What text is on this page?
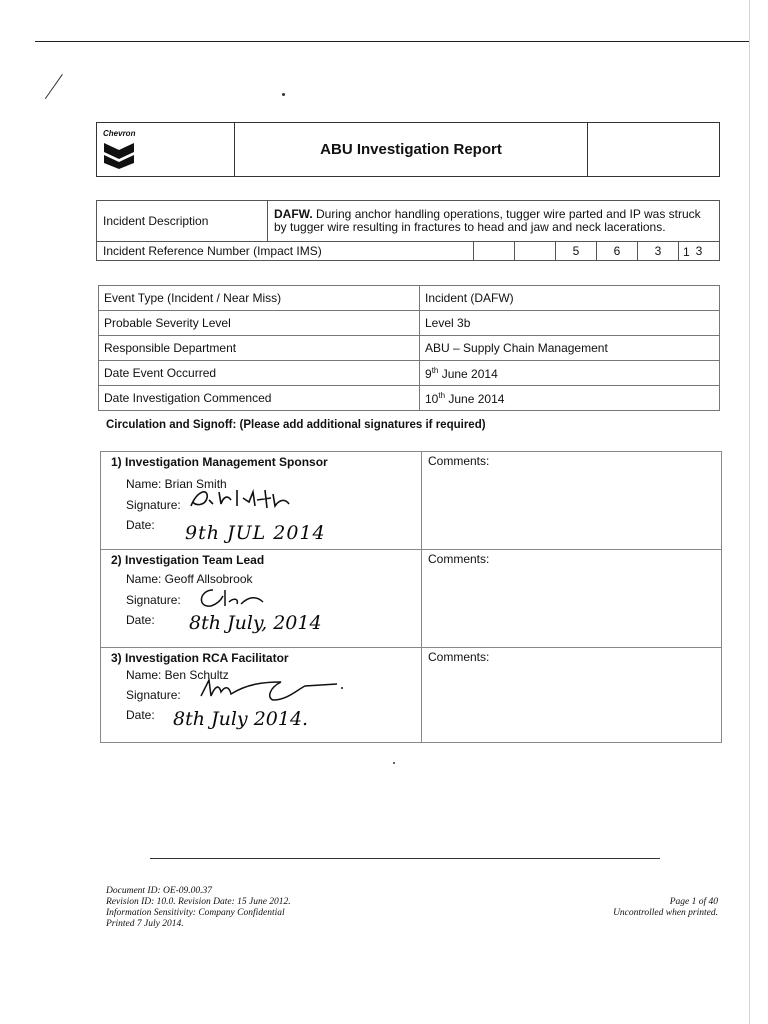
Chevron
	ABU Investigation Report	
Incident Description	DAFW. During anchor handling operations, tugger wire parted and IP was struck by tugger wire resulting in fractures to head and jaw and neck lacerations.						
Incident Reference Number (Impact IMS)				5	6	3	3
1
Event Type (Incident / Near Miss)	Incident (DAFW)
Probable Severity Level	Level 3b
Responsible Department	ABU – Supply Chain Management
Date Event Occurred	9th June 2014
Date Investigation Commenced	10th June 2014
Circulation and Signoff: (Please add additional signatures if required)
1) Investigation Management Sponsor
Name: Brian Smith
Signature:
Date: 9th JUL 2014	Comments:

2) Investigation Team Lead
Name: Geoff Allsobrook
Signature:
Date: 8th July, 2014	Comments:

3) Investigation RCA Facilitator
Name: Ben Schultz
Signature:
Date: 8th July 2014.	Comments:
Document ID: OE-09.00.37
Revision ID: 10.0. Revision Date: 15 June 2012.
Information Sensitivity: Company Confidential
Printed 7 July 2014.
Page 1 of 40
Uncontrolled when printed.
